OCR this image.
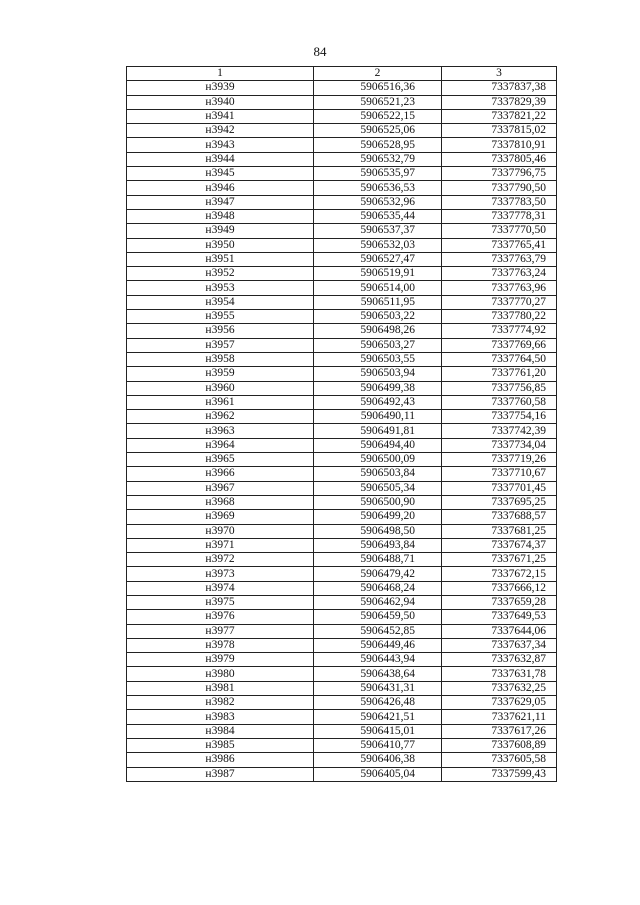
84
1	2	3
н3939	5906516,36	7337837,38
н3940	5906521,23	7337829,39
н3941	5906522,15	7337821,22
н3942	5906525,06	7337815,02
н3943	5906528,95	7337810,91
н3944	5906532,79	7337805,46
н3945	5906535,97	7337796,75
н3946	5906536,53	7337790,50
н3947	5906532,96	7337783,50
н3948	5906535,44	7337778,31
н3949	5906537,37	7337770,50
н3950	5906532,03	7337765,41
н3951	5906527,47	7337763,79
н3952	5906519,91	7337763,24
н3953	5906514,00	7337763,96
н3954	5906511,95	7337770,27
н3955	5906503,22	7337780,22
н3956	5906498,26	7337774,92
н3957	5906503,27	7337769,66
н3958	5906503,55	7337764,50
н3959	5906503,94	7337761,20
н3960	5906499,38	7337756,85
н3961	5906492,43	7337760,58
н3962	5906490,11	7337754,16
н3963	5906491,81	7337742,39
н3964	5906494,40	7337734,04
н3965	5906500,09	7337719,26
н3966	5906503,84	7337710,67
н3967	5906505,34	7337701,45
н3968	5906500,90	7337695,25
н3969	5906499,20	7337688,57
н3970	5906498,50	7337681,25
н3971	5906493,84	7337674,37
н3972	5906488,71	7337671,25
н3973	5906479,42	7337672,15
н3974	5906468,24	7337666,12
н3975	5906462,94	7337659,28
н3976	5906459,50	7337649,53
н3977	5906452,85	7337644,06
н3978	5906449,46	7337637,34
н3979	5906443,94	7337632,87
н3980	5906438,64	7337631,78
н3981	5906431,31	7337632,25
н3982	5906426,48	7337629,05
н3983	5906421,51	7337621,11
н3984	5906415,01	7337617,26
н3985	5906410,77	7337608,89
н3986	5906406,38	7337605,58
н3987	5906405,04	7337599,43
